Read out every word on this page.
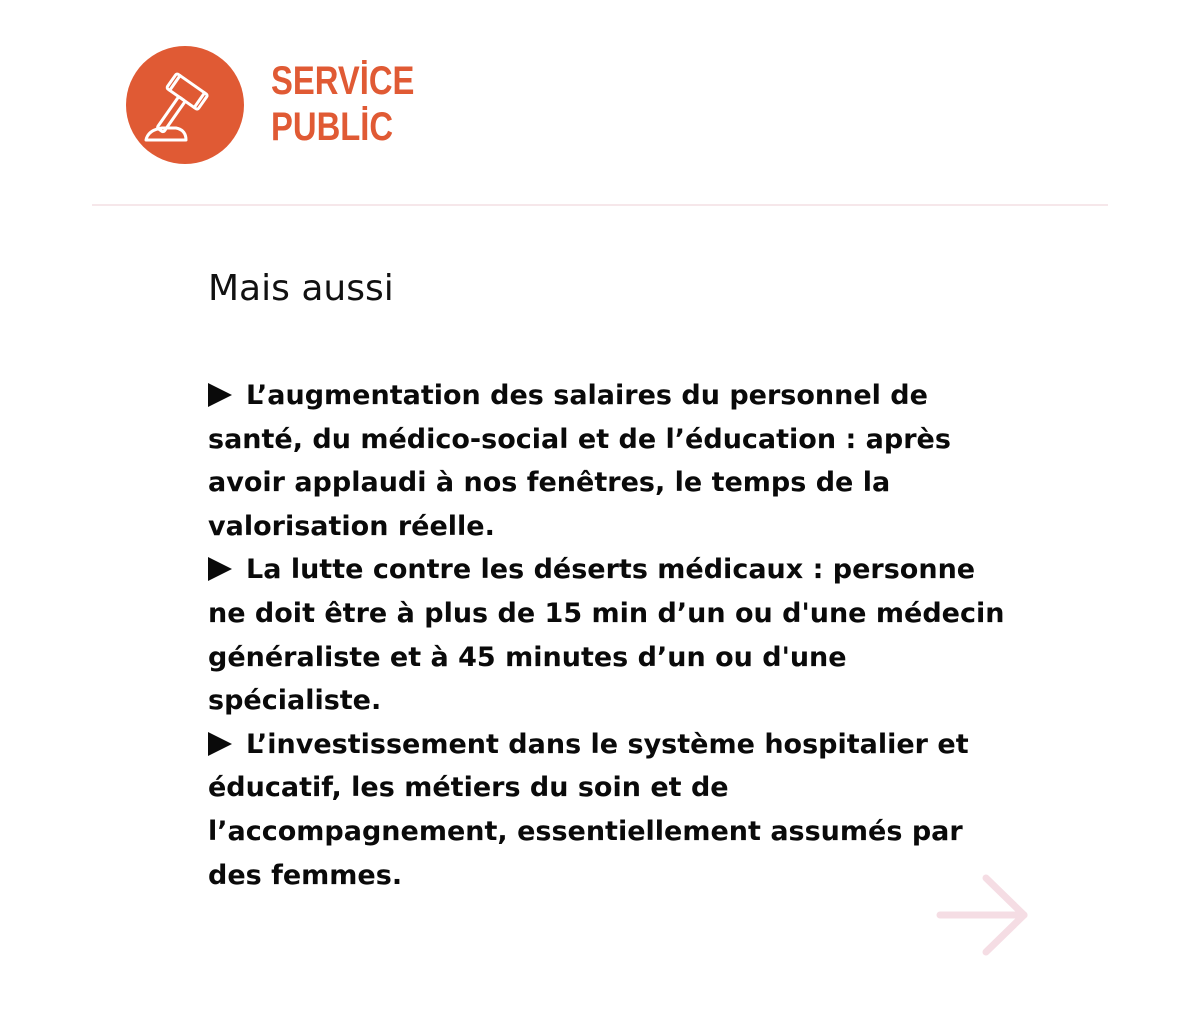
SERVİCE
PUBLİC
Mais aussi

L’augmentation des salaires du personnel de santé, du médico-social et de l’éducation : après avoir applaudi à nos fenêtres, le temps de la valorisation réelle.

La lutte contre les déserts médicaux : personne ne doit être à plus de 15 min d’un ou d'une médecin généraliste et à 45 minutes d’un ou d'une spécialiste.

L’investissement dans le système hospitalier et éducatif, les métiers du soin et de l’accompagnement, essentiellement assumés par des femmes.
